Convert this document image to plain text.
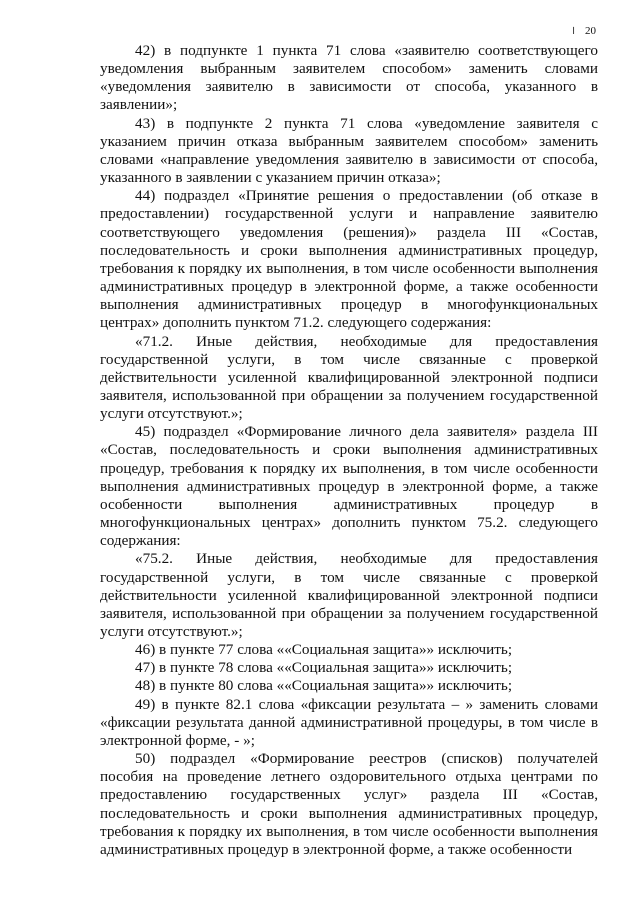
╷ 20

42) в подпункте 1 пункта 71 слова «заявителю соответствующего уведомления выбранным заявителем способом» заменить словами «уведомления заявителю в зависимости от способа, указанного в заявлении»;

43) в подпункте 2 пункта 71 слова «уведомление заявителя с указанием причин отказа выбранным заявителем способом» заменить словами «направление уведомления заявителю в зависимости от способа, указанного в заявлении с указанием причин отказа»;

44) подраздел «Принятие решения о предоставлении (об отказе в предоставлении) государственной услуги и направление заявителю соответствующего уведомления (решения)» раздела III «Состав, последовательность и сроки выполнения административных процедур, требования к порядку их выполнения, в том числе особенности выполнения административных процедур в электронной форме, а также особенности выполнения административных процедур в многофункциональных центрах» дополнить пунктом 71.2. следующего содержания:

«71.2. Иные действия, необходимые для предоставления государственной услуги, в том числе связанные с проверкой действительности усиленной квалифицированной электронной подписи заявителя, использованной при обращении за получением государственной услуги отсутствуют.»;

45) подраздел «Формирование личного дела заявителя» раздела III «Состав, последовательность и сроки выполнения административных процедур, требования к порядку их выполнения, в том числе особенности выполнения административных процедур в электронной форме, а также особенности выполнения административных процедур в многофункциональных центрах» дополнить пунктом 75.2. следующего содержания:

«75.2. Иные действия, необходимые для предоставления государственной услуги, в том числе связанные с проверкой действительности усиленной квалифицированной электронной подписи заявителя, использованной при обращении за получением государственной услуги отсутствуют.»;

46) в пункте 77 слова ««Социальная защита»» исключить;

47) в пункте 78 слова ««Социальная защита»» исключить;

48) в пункте 80 слова ««Социальная защита»» исключить;

49) в пункте 82.1 слова «фиксации результата – » заменить словами «фиксации результата данной административной процедуры, в том числе в электронной форме, - »;

50) подраздел «Формирование реестров (списков) получателей пособия на проведение летнего оздоровительного отдыха центрами по предоставлению государственных услуг» раздела III «Состав, последовательность и сроки выполнения административных процедур, требования к порядку их выполнения, в том числе особенности выполнения административных процедур в электронной форме, а также особенности
